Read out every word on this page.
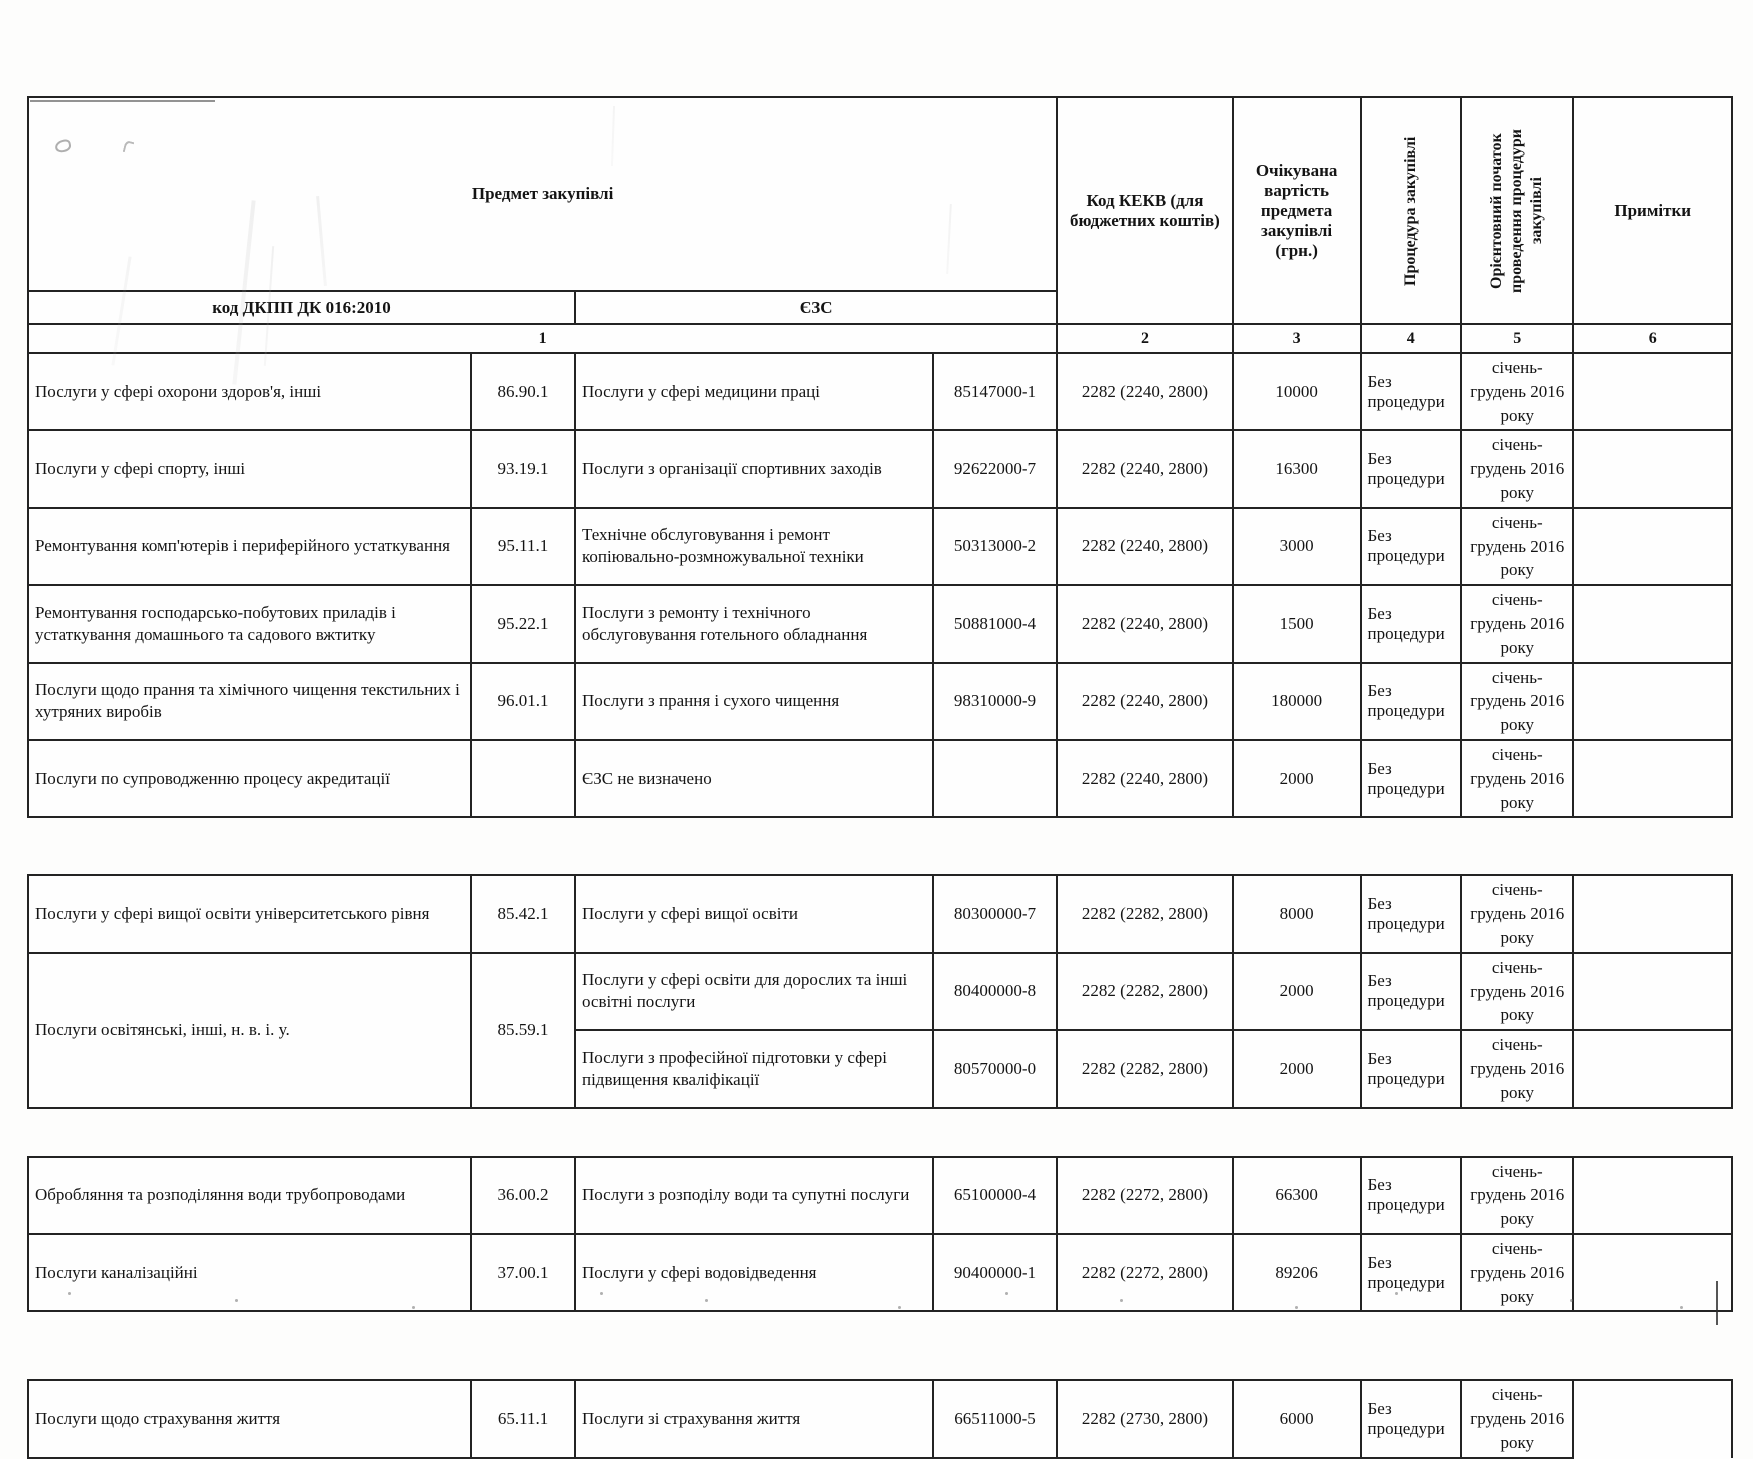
Предмет закупівлі				Код КЕКВ (для бюджетних коштів)	Очікувана вартість предмета закупівлі (грн.)	Процедура закупівлі	Орієнтовний початок проведення процедури закупівлі	Примітки
код ДКПП ДК 016:2010		ЄЗС						
1				2	3	4	5	6
Послуги у сфері охорони здоров'я, інші	86.90.1	Послуги у сфері медицини праці	85147000-1	2282 (2240, 2800)	10000	Без процедури	січень-грудень 2016 року	
Послуги у сфері спорту, інші	93.19.1	Послуги з організації спортивних заходів	92622000-7	2282 (2240, 2800)	16300	Без процедури	січень-грудень 2016 року	
Ремонтування комп'ютерів і периферійного устаткування	95.11.1	Технічне обслуговування і ремонт копіювально-розмножувальної техніки	50313000-2	2282 (2240, 2800)	3000	Без процедури	січень-грудень 2016 року	
Ремонтування господарсько-побутових приладів і устаткування домашнього та садового вжтитку	95.22.1	Послуги з ремонту і технічного обслуговування готельного обладнання	50881000-4	2282 (2240, 2800)	1500	Без процедури	січень-грудень 2016 року	
Послуги щодо прання та хімічного чищення текстильних і хутряних виробів	96.01.1	Послуги з прання і сухого чищення	98310000-9	2282 (2240, 2800)	180000	Без процедури	січень-грудень 2016 року	
Послуги по супроводженню процесу акредитації		ЄЗС не визначено		2282 (2240, 2800)	2000	Без процедури	січень-грудень 2016 року	
Послуги у сфері вищої освіти університетського рівня	85.42.1	Послуги у сфері вищої освіти	80300000-7	2282 (2282, 2800)	8000	Без процедури	січень-грудень 2016 року	
Послуги освітянські, інші, н. в. і. у.	85.59.1	Послуги у сфері освіти для дорослих та інші освітні послуги	80400000-8	2282 (2282, 2800)	2000	Без процедури	січень-грудень 2016 року	
		Послуги з професійної підготовки у сфері підвищення кваліфікації	80570000-0	2282 (2282, 2800)	2000	Без процедури	січень-грудень 2016 року	
Обробляння та розподіляння води трубопроводами	36.00.2	Послуги з розподілу води та супутні послуги	65100000-4	2282 (2272, 2800)	66300	Без процедури	січень-грудень 2016 року	
Послуги каналізаційні	37.00.1	Послуги у сфері водовідведення	90400000-1	2282 (2272, 2800)	89206	Без процедури	січень-грудень 2016 року	
Послуги щодо страхування життя	65.11.1	Послуги зі страхування життя	66511000-5	2282 (2730, 2800)	6000	Без процедури	січень-грудень 2016 року	
